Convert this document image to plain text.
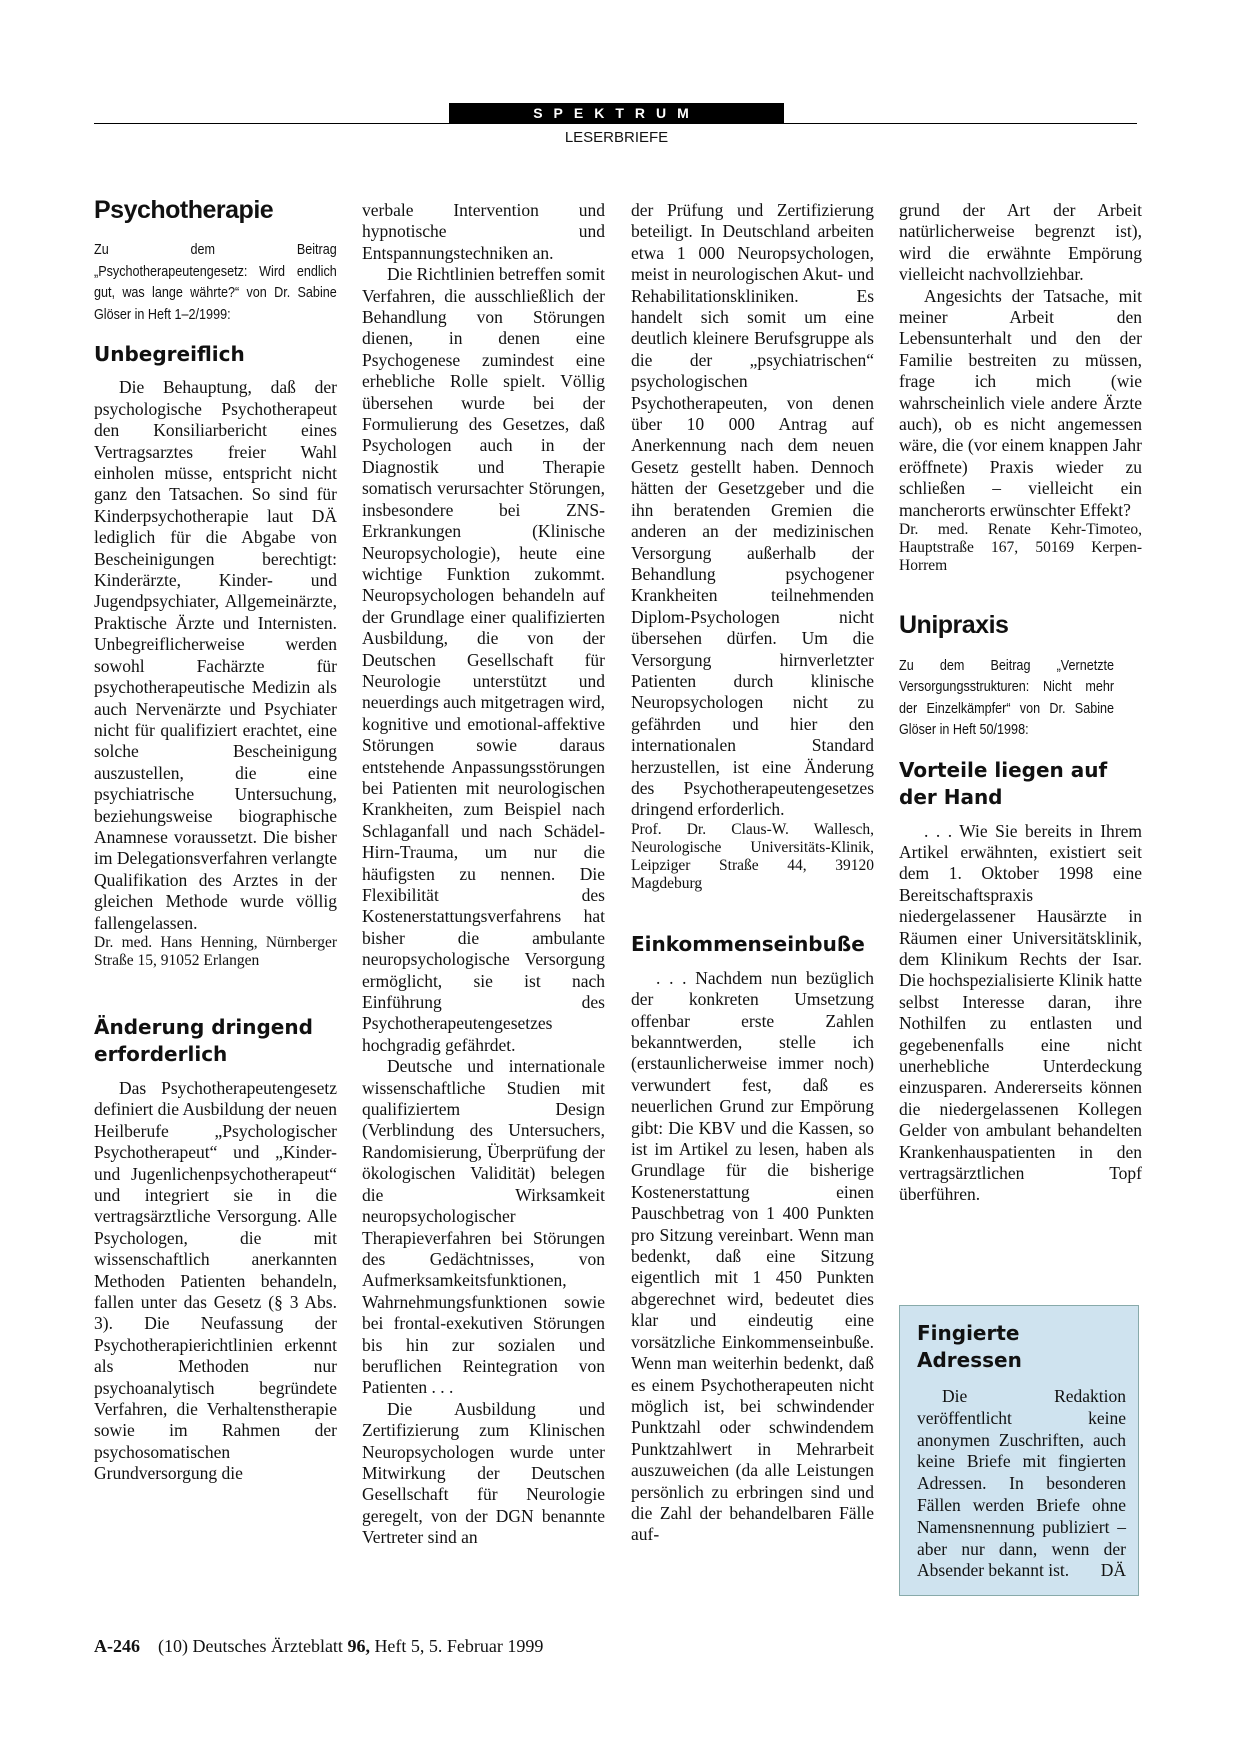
SPEKTRUM
LESERBRIEFE
Psychotherapie

Zu dem Beitrag „Psychotherapeutengesetz: Wird endlich gut, was lange währte?“ von Dr. Sabine Glöser in Heft 1–2/1999:

Unbegreiflich

Die Behauptung, daß der psychologische Psychotherapeut den Konsiliarbericht eines Vertragsarztes freier Wahl einholen müsse, entspricht nicht ganz den Tatsachen. So sind für Kinderpsychotherapie laut DÄ lediglich für die Abgabe von Bescheinigungen berechtigt: Kinderärzte, Kinder- und Jugendpsychiater, Allgemeinärzte, Praktische Ärzte und Internisten. Unbegreiflicherweise werden sowohl Fachärzte für psychotherapeutische Medizin als auch Nervenärzte und Psychiater nicht für qualifiziert erachtet, eine solche Bescheinigung auszustellen, die eine psychiatrische Untersuchung, beziehungsweise biographische Anamnese voraussetzt. Die bisher im Delegationsverfahren verlangte Qualifikation des Arztes in der gleichen Methode wurde völlig fallengelassen.

Dr. med. Hans Henning, Nürnberger Straße 15, 91052 Erlangen

Änderung dringend erforderlich

Das Psychotherapeutengesetz definiert die Ausbildung der neuen Heilberufe „Psychologischer Psychotherapeut“ und „Kinder- und Jugenlichenpsychotherapeut“ und integriert sie in die vertragsärztliche Versorgung. Alle Psychologen, die mit wissenschaftlich anerkannten Methoden Patienten behandeln, fallen unter das Gesetz (§ 3 Abs. 3). Die Neufassung der Psychotherapierichtlinien erkennt als Methoden nur psychoanalytisch begründete Verfahren, die Verhaltenstherapie sowie im Rahmen der psychosomatischen Grundversorgung die

verbale Intervention und hypnotische und Entspannungstechniken an.

Die Richtlinien betreffen somit Verfahren, die ausschließlich der Behandlung von Störungen dienen, in denen eine Psychogenese zumindest eine erhebliche Rolle spielt. Völlig übersehen wurde bei der Formulierung des Gesetzes, daß Psychologen auch in der Diagnostik und Therapie somatisch verursachter Störungen, insbesondere bei ZNS-Erkrankungen (Klinische Neuropsychologie), heute eine wichtige Funktion zukommt. Neuropsychologen behandeln auf der Grundlage einer qualifizierten Ausbildung, die von der Deutschen Gesellschaft für Neurologie unterstützt und neuerdings auch mitgetragen wird, kognitive und emotional-affektive Störungen sowie daraus entstehende Anpassungsstörungen bei Patienten mit neurologischen Krankheiten, zum Beispiel nach Schlaganfall und nach Schädel-Hirn-Trauma, um nur die häufigsten zu nennen. Die Flexibilität des Kostenerstattungsverfahrens hat bisher die ambulante neuropsychologische Versorgung ermöglicht, sie ist nach Einführung des Psychotherapeutengesetzes hochgradig gefährdet.

Deutsche und internationale wissenschaftliche Studien mit qualifiziertem Design (Verblindung des Untersuchers, Randomisierung, Überprüfung der ökologischen Validität) belegen die Wirksamkeit neuropsychologischer Therapieverfahren bei Störungen des Gedächtnisses, von Aufmerksamkeitsfunktionen, Wahrnehmungsfunktionen sowie bei frontal-exekutiven Störungen bis hin zur sozialen und beruflichen Reintegration von Patienten . . .

Die Ausbildung und Zertifizierung zum Klinischen Neuropsychologen wurde unter Mitwirkung der Deutschen Gesellschaft für Neurologie geregelt, von der DGN benannte Vertreter sind an

der Prüfung und Zertifizierung beteiligt. In Deutschland arbeiten etwa 1 000 Neuropsychologen, meist in neurologischen Akut- und Rehabilitationskliniken. Es handelt sich somit um eine deutlich kleinere Berufsgruppe als die der „psychiatrischen“ psychologischen Psychotherapeuten, von denen über 10 000 Antrag auf Anerkennung nach dem neuen Gesetz gestellt haben. Dennoch hätten der Gesetzgeber und die ihn beratenden Gremien die anderen an der medizinischen Versorgung außerhalb der Behandlung psychogener Krankheiten teilnehmenden Diplom-Psychologen nicht übersehen dürfen. Um die Versorgung hirnverletzter Patienten durch klinische Neuropsychologen nicht zu gefährden und hier den internationalen Standard herzustellen, ist eine Änderung des Psychotherapeutengesetzes dringend erforderlich.

Prof. Dr. Claus-W. Wallesch, Neurologische Universitäts-Klinik, Leipziger Straße 44, 39120 Magdeburg

Einkommenseinbuße

. . . Nachdem nun bezüglich der konkreten Umsetzung offenbar erste Zahlen bekanntwerden, stelle ich (erstaunlicherweise immer noch) verwundert fest, daß es neuerlichen Grund zur Empörung gibt: Die KBV und die Kassen, so ist im Artikel zu lesen, haben als Grundlage für die bisherige Kostenerstattung einen Pauschbetrag von 1 400 Punkten pro Sitzung vereinbart. Wenn man bedenkt, daß eine Sitzung eigentlich mit 1 450 Punkten abgerechnet wird, bedeutet dies klar und eindeutig eine vorsätzliche Einkommenseinbuße. Wenn man weiterhin bedenkt, daß es einem Psychotherapeuten nicht möglich ist, bei schwindender Punktzahl oder schwindendem Punktzahlwert in Mehrarbeit auszuweichen (da alle Leistungen persönlich zu erbringen sind und die Zahl der behandelbaren Fälle auf-

grund der Art der Arbeit natürlicherweise begrenzt ist), wird die erwähnte Empörung vielleicht nachvollziehbar.

Angesichts der Tatsache, mit meiner Arbeit den Lebensunterhalt und den der Familie bestreiten zu müssen, frage ich mich (wie wahrscheinlich viele andere Ärzte auch), ob es nicht angemessen wäre, die (vor einem knappen Jahr eröffnete) Praxis wieder zu schließen – vielleicht ein mancherorts erwünschter Effekt?

Dr. med. Renate Kehr-Timoteo, Hauptstraße 167, 50169 Kerpen-Horrem

Unipraxis

Zu dem Beitrag „Vernetzte Versorgungsstrukturen: Nicht mehr der Einzelkämpfer“ von Dr. Sabine Glöser in Heft 50/1998:

Vorteile liegen auf der Hand

. . . Wie Sie bereits in Ihrem Artikel erwähnten, existiert seit dem 1. Oktober 1998 eine Bereitschaftspraxis niedergelassener Hausärzte in Räumen einer Universitätsklinik, dem Klinikum Rechts der Isar. Die hochspezialisierte Klinik hatte selbst Interesse daran, ihre Nothilfen zu entlasten und gegebenenfalls eine nicht unerhebliche Unterdeckung einzusparen. Andererseits können die niedergelassenen Kollegen Gelder von ambulant behandelten Krankenhauspatienten in den vertragsärztlichen Topf überführen.

Fingierte Adressen

Die Redaktion veröffentlicht keine anonymen Zuschriften, auch keine Briefe mit fingierten Adressen. In besonderen Fällen werden Briefe ohne Namensnennung publiziert – aber nur dann, wenn der Absender bekannt ist.	DÄ

A-246 (10) Deutsches Ärzteblatt 96, Heft 5, 5. Februar 1999
